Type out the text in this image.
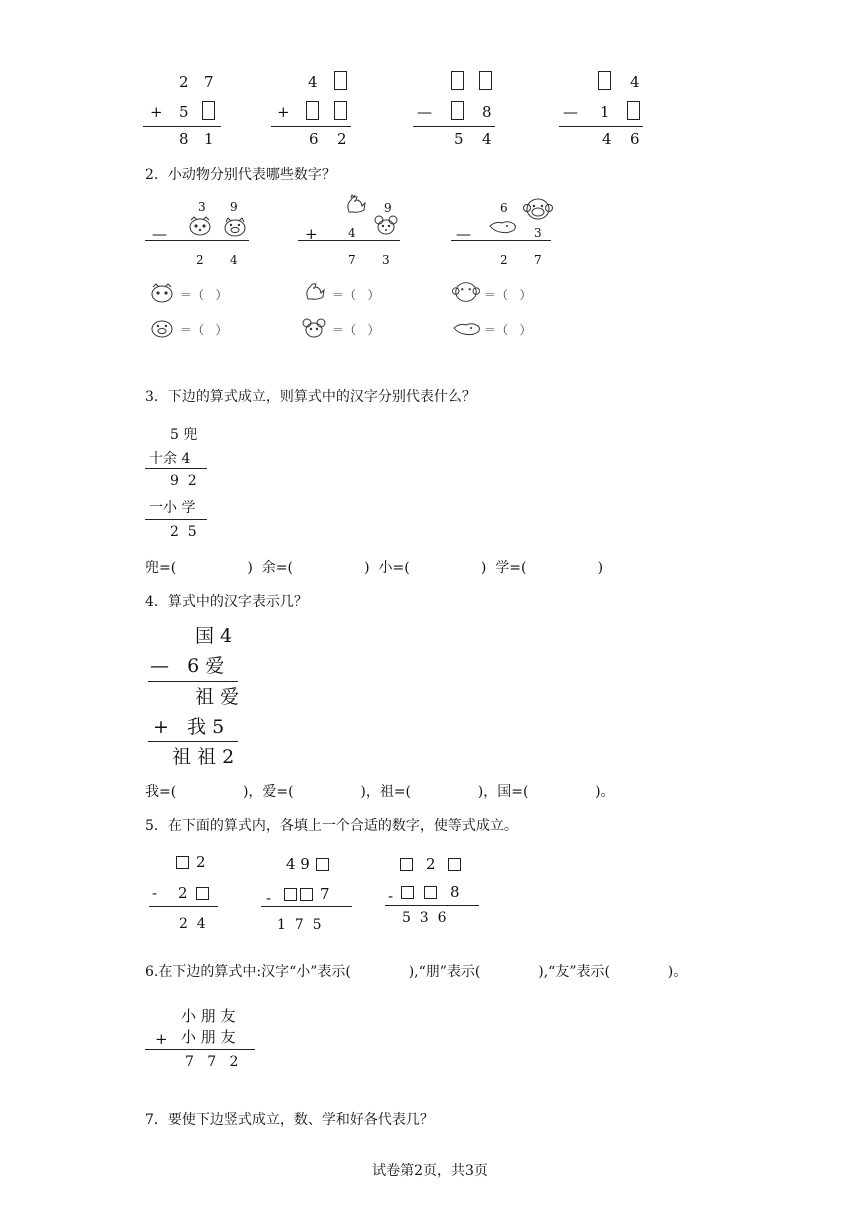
2 7
+ 5
8 1
4
+
6 2
—	8
5 4
4
— 1
4 6
2．小动物分别代表哪些数字？
3 9
—
2 4
9
+	4
7 3
6
—	3
2 7
＝（   ）
＝（   ）
＝（   ）
＝（   ）
＝（   ）
＝（   ）
3．下边的算式成立，则算式中的汉字分别代表什么？
5 兜
十余 4
9  2
一小 学
2  5
兜=(                )  余=(                )  小=(                )  学=(                )
4．算式中的汉字表示几？
国 4
—   6 爱
祖 爱
+   我 5
祖 祖 2
我=(               )，爱=(               )，祖=(               )，国=(               )。
5．在下面的算式内，各填上一个合适的数字，使等式成立。
2
- 2
2  4
4 9
-	7
1  7  5
2
-	8
5  3  6
6.在下边的算式中:汉字“小”表示(             ),“朋”表示(             ),“友”表示(             )。
小 朋 友
+ 小 朋 友
7   7   2
7．要使下边竖式成立，数、学和好各代表几？
试卷第2页，共3页
